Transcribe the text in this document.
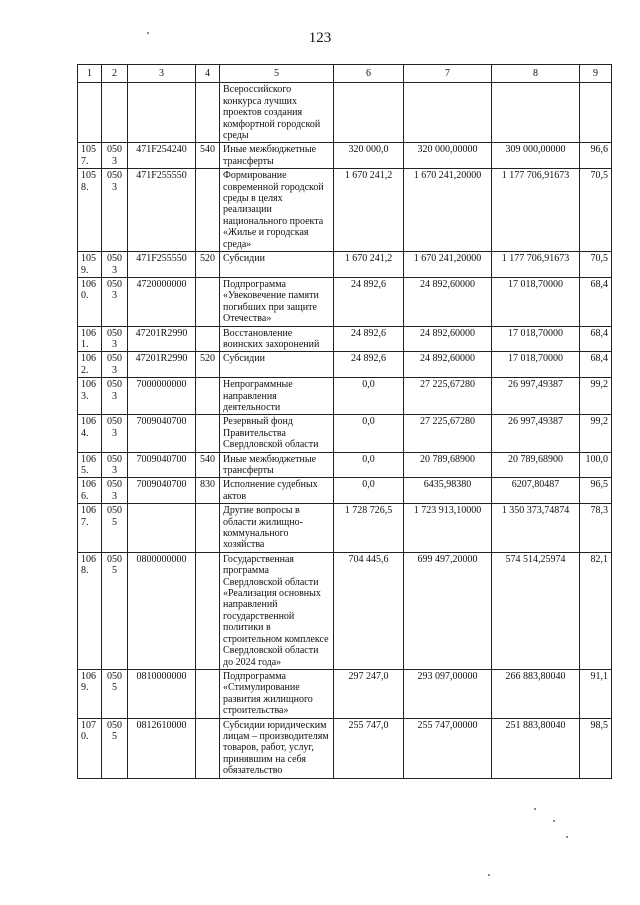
123
1	2	3	4	5	6	7	8	9
				Всероссийского конкурса лучших проектов создания комфортной городской среды				
1057.	0503	471F254240	540	Иные межбюджетные трансферты	320 000,0	320 000,00000	309 000,00000	96,6
1058.	0503	471F255550		Формирование современной городской среды в целях реализации национального проекта «Жилье и городская среда»	1 670 241,2	1 670 241,20000	1 177 706,91673	70,5
1059.	0503	471F255550	520	Субсидии	1 670 241,2	1 670 241,20000	1 177 706,91673	70,5
1060.	0503	4720000000		Подпрограмма «Увековечение памяти погибших при защите Отечества»	24 892,6	24 892,60000	17 018,70000	68,4
1061.	0503	47201R2990		Восстановление воинских захоронений	24 892,6	24 892,60000	17 018,70000	68,4
1062.	0503	47201R2990	520	Субсидии	24 892,6	24 892,60000	17 018,70000	68,4
1063.	0503	7000000000		Непрограммные направления деятельности	0,0	27 225,67280	26 997,49387	99,2
1064.	0503	7009040700		Резервный фонд Правительства Свердловской области	0,0	27 225,67280	26 997,49387	99,2
1065.	0503	7009040700	540	Иные межбюджетные трансферты	0,0	20 789,68900	20 789,68900	100,0
1066.	0503	7009040700	830	Исполнение судебных актов	0,0	6435,98380	6207,80487	96,5
1067.	0505			Другие вопросы в области жилищно-коммунального хозяйства	1 728 726,5	1 723 913,10000	1 350 373,74874	78,3
1068.	0505	0800000000		Государственная программа Свердловской области «Реализация основных направлений государственной политики в строительном комплексе Свердловской области до 2024 года»	704 445,6	699 497,20000	574 514,25974	82,1
1069.	0505	0810000000		Подпрограмма «Стимулирование развития жилищного строительства»	297 247,0	293 097,00000	266 883,80040	91,1
1070.	0505	0812610000		Субсидии юридическим лицам – производителям товаров, работ, услуг, принявшим на себя обязательство	255 747,0	255 747,00000	251 883,80040	98,5
